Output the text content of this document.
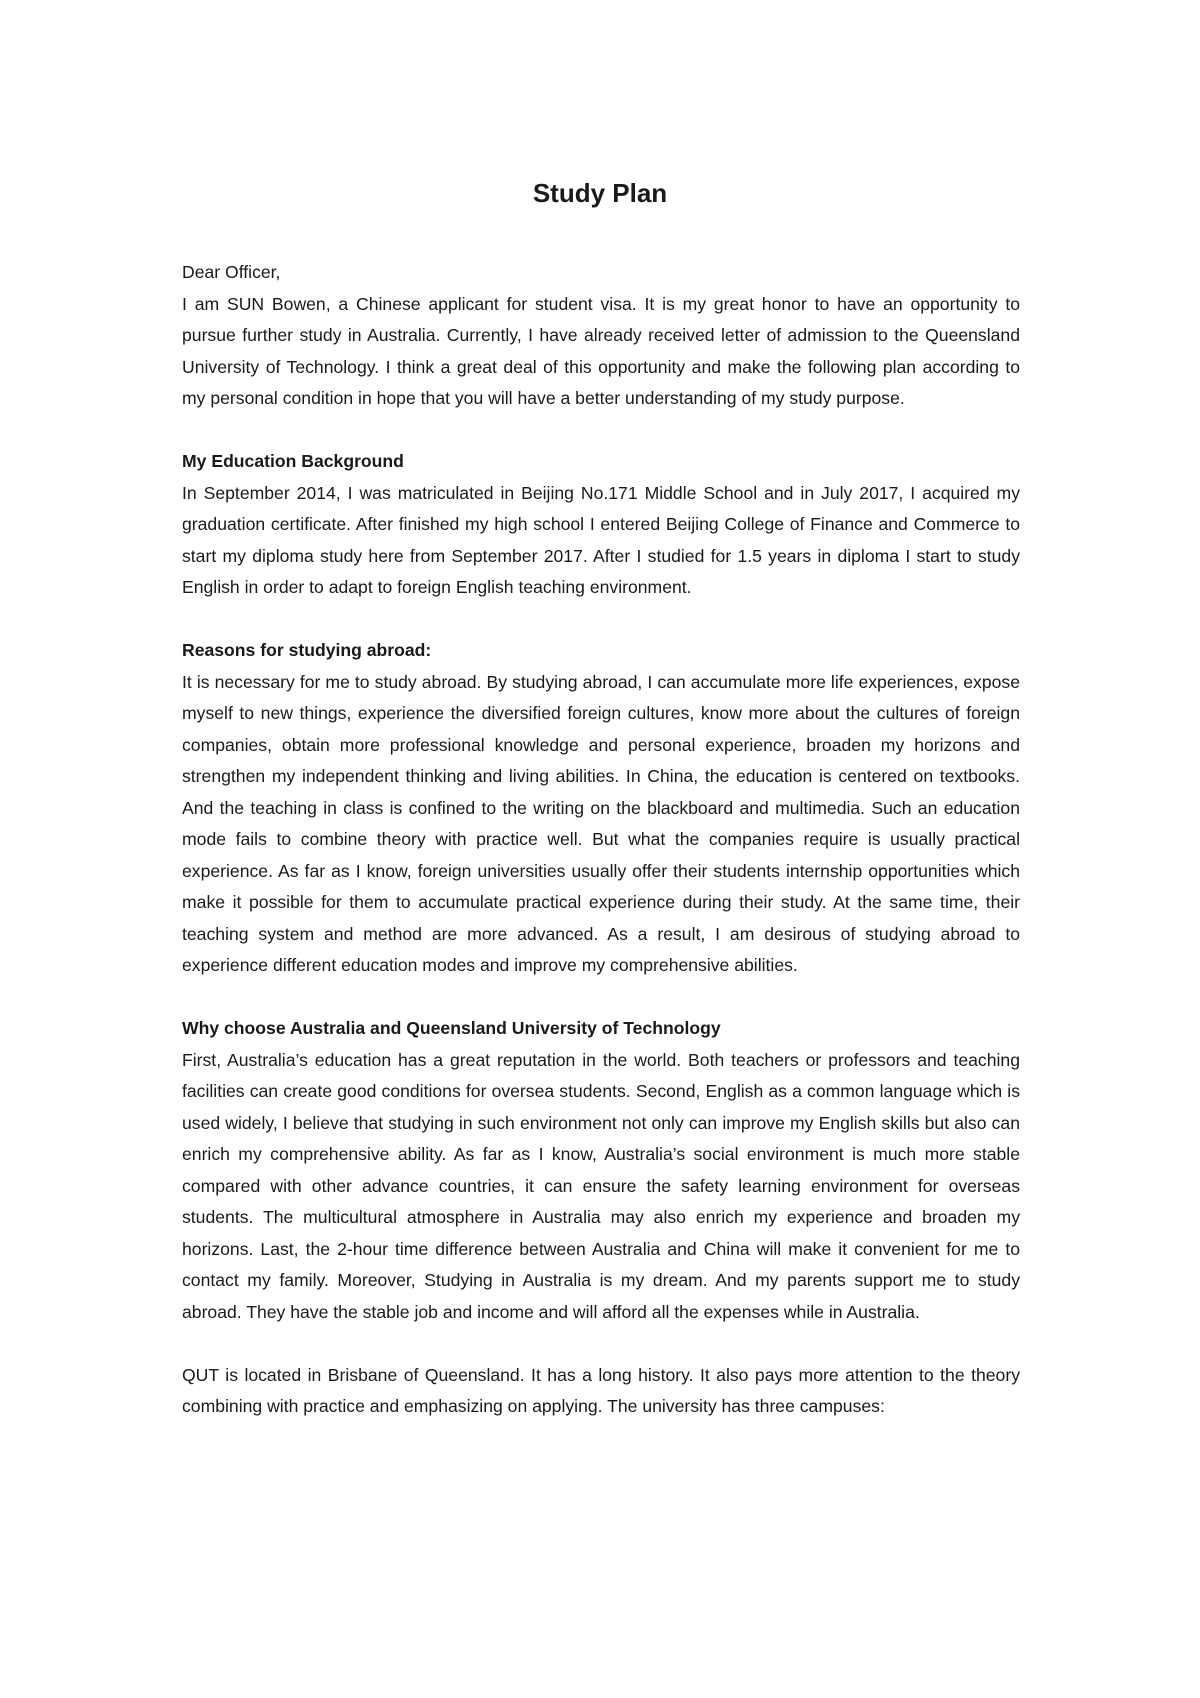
Study Plan

Dear Officer,

I am SUN Bowen, a Chinese applicant for student visa. It is my great honor to have an opportunity to pursue further study in Australia. Currently, I have already received letter of admission to the Queensland University of Technology. I think a great deal of this opportunity and make the following plan according to my personal condition in hope that you will have a better understanding of my study purpose.

My Education Background

In September 2014, I was matriculated in Beijing No.171 Middle School and in July 2017, I acquired my graduation certificate. After finished my high school I entered Beijing College of Finance and Commerce to start my diploma study here from September 2017. After I studied for 1.5 years in diploma I start to study English in order to adapt to foreign English teaching environment.

Reasons for studying abroad:

It is necessary for me to study abroad. By studying abroad, I can accumulate more life experiences, expose myself to new things, experience the diversified foreign cultures, know more about the cultures of foreign companies, obtain more professional knowledge and personal experience, broaden my horizons and strengthen my independent thinking and living abilities. In China, the education is centered on textbooks. And the teaching in class is confined to the writing on the blackboard and multimedia. Such an education mode fails to combine theory with practice well. But what the companies require is usually practical experience. As far as I know, foreign universities usually offer their students internship opportunities which make it possible for them to accumulate practical experience during their study. At the same time, their teaching system and method are more advanced. As a result, I am desirous of studying abroad to experience different education modes and improve my comprehensive abilities.

Why choose Australia and Queensland University of Technology

First, Australia’s education has a great reputation in the world. Both teachers or professors and teaching facilities can create good conditions for oversea students. Second, English as a common language which is used widely, I believe that studying in such environment not only can improve my English skills but also can enrich my comprehensive ability. As far as I know, Australia’s social environment is much more stable compared with other advance countries, it can ensure the safety learning environment for overseas students. The multicultural atmosphere in Australia may also enrich my experience and broaden my horizons. Last, the 2-hour time difference between Australia and China will make it convenient for me to contact my family. Moreover, Studying in Australia is my dream. And my parents support me to study abroad. They have the stable job and income and will afford all the expenses while in Australia.

QUT is located in Brisbane of Queensland. It has a long history. It also pays more attention to the theory combining with practice and emphasizing on applying. The university has three campuses:
